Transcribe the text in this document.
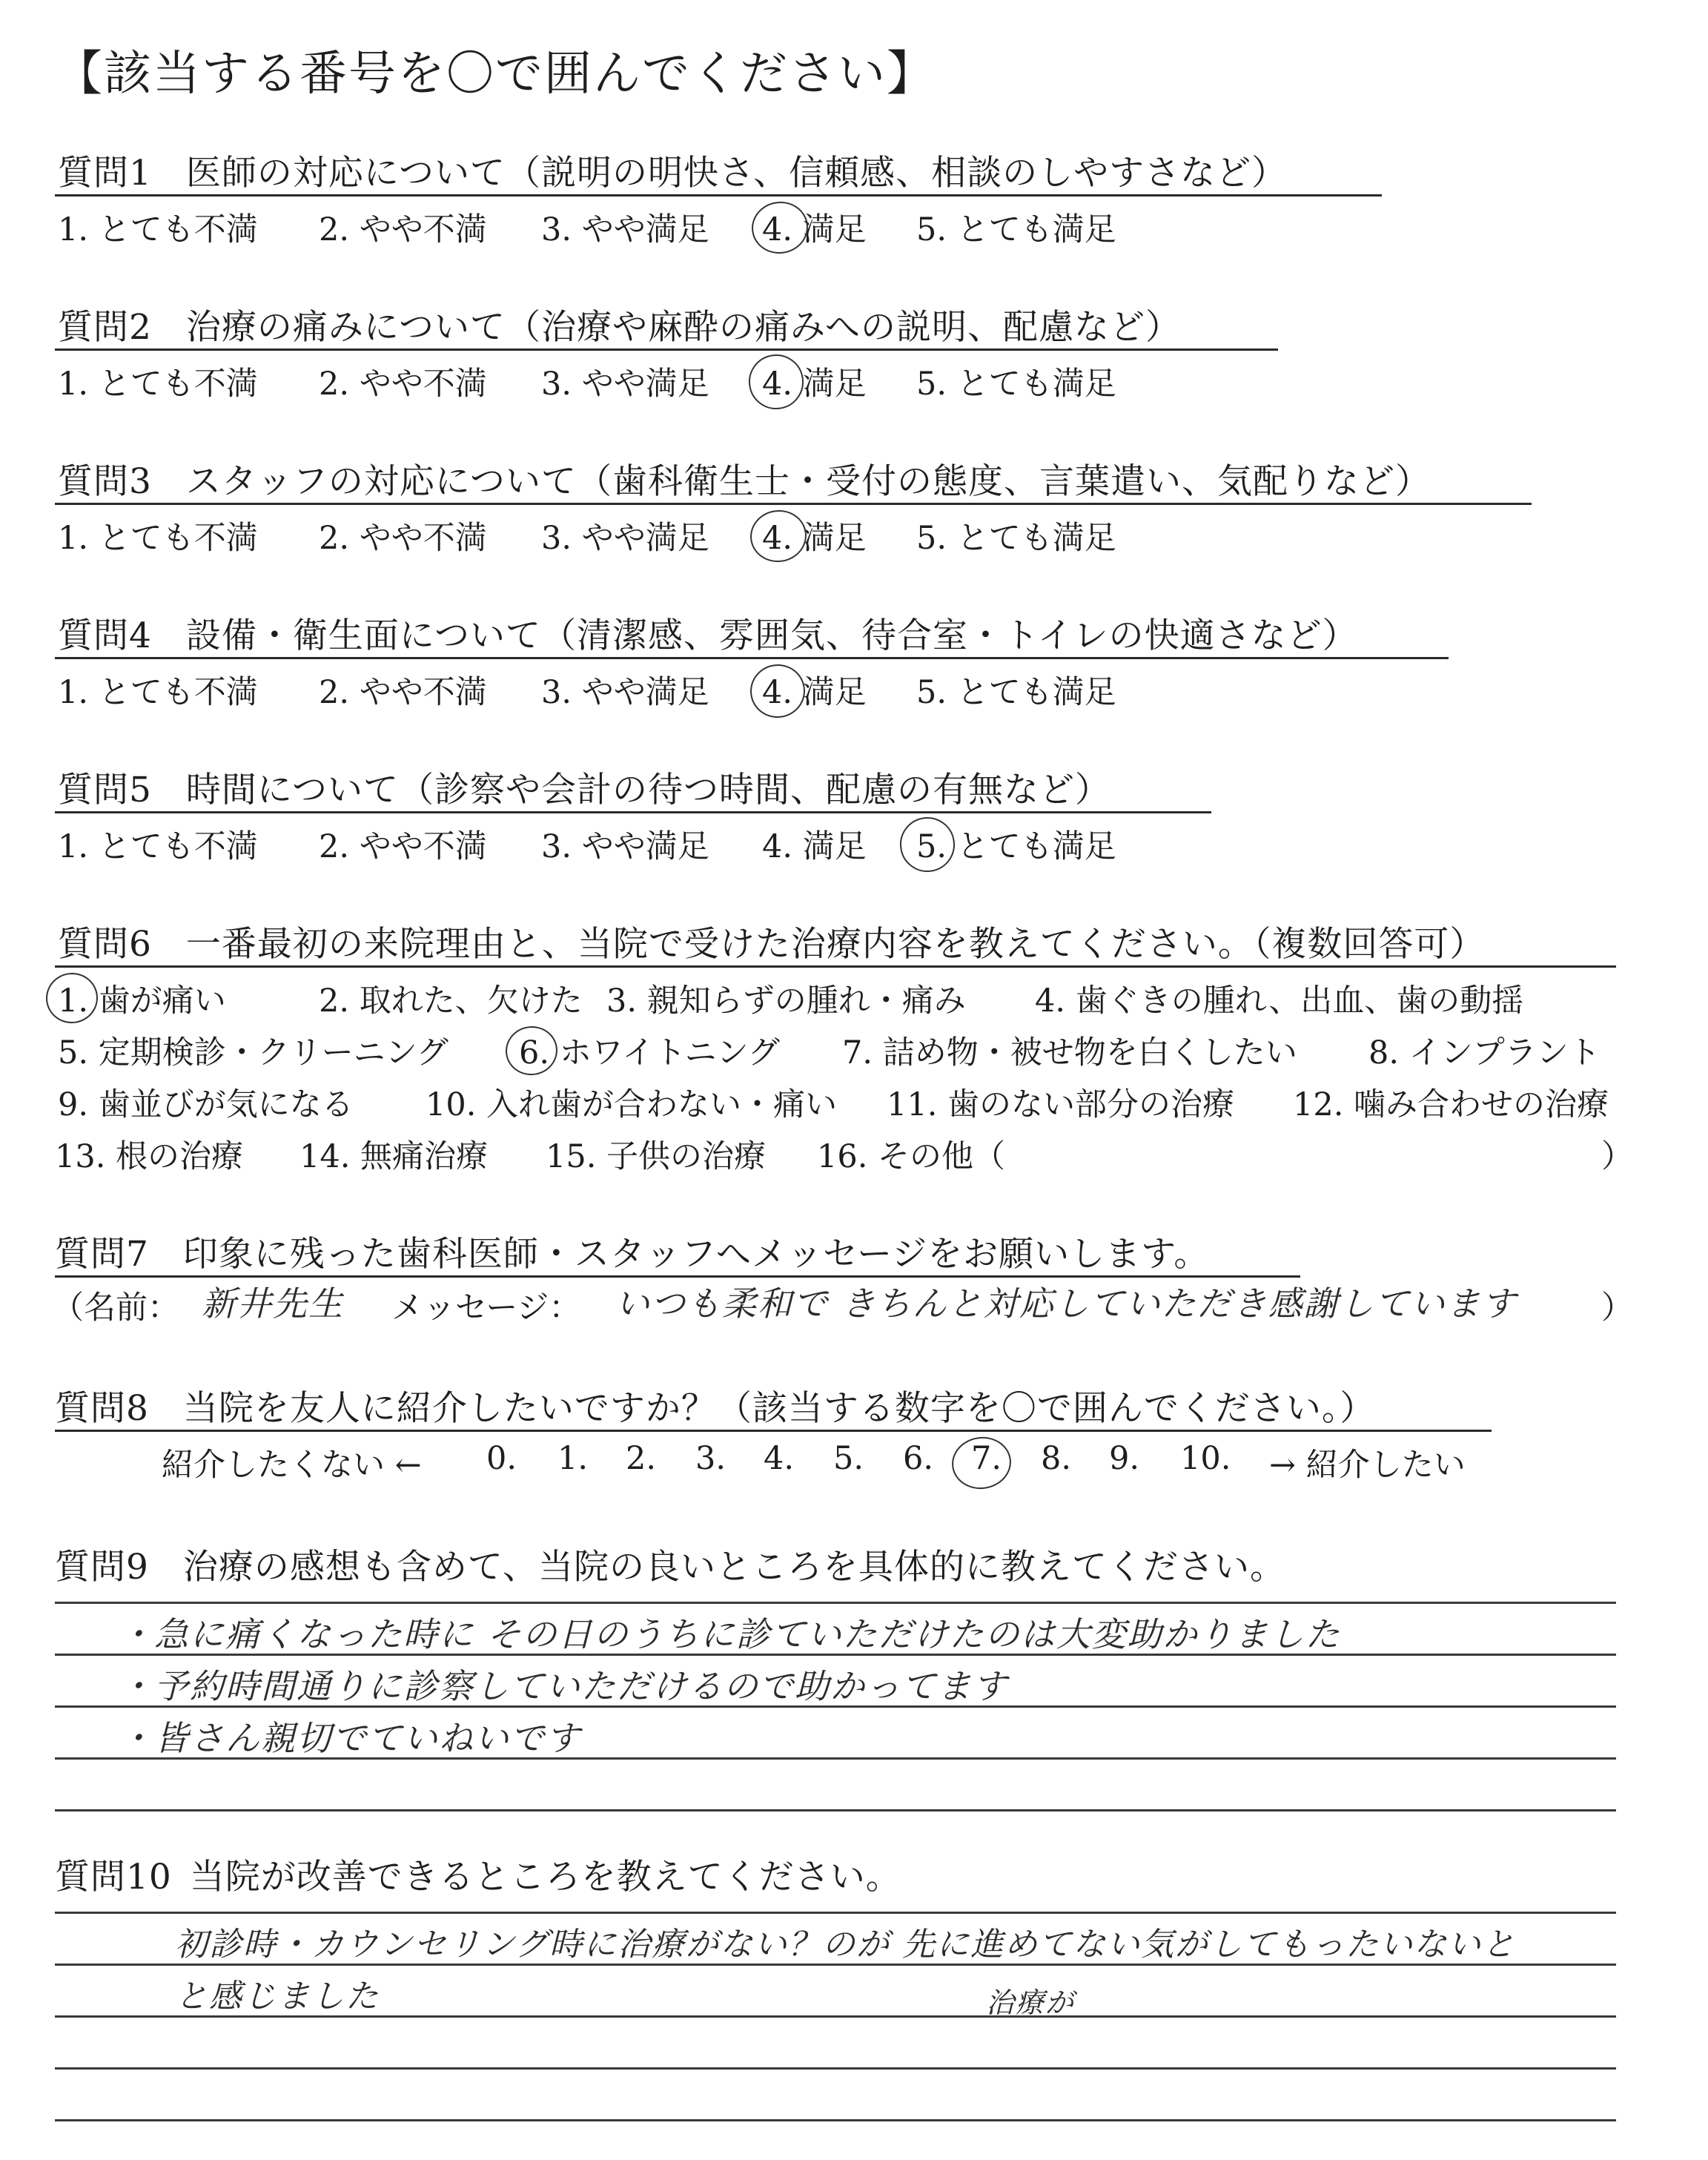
【該当する番号を〇で囲んでください】
質問1 医師の対応について（説明の明快さ、信頼感、相談のしやすさなど）
1. とても不満 2. やや不満 3. やや満足 4. 満足 5. とても満足
質問2 治療の痛みについて（治療や麻酔の痛みへの説明、配慮など）
1. とても不満 2. やや不満 3. やや満足 4. 満足 5. とても満足
質問3 スタッフの対応について（歯科衛生士・受付の態度、言葉遣い、気配りなど）
1. とても不満 2. やや不満 3. やや満足 4. 満足 5. とても満足
質問4 設備・衛生面について（清潔感、雰囲気、待合室・トイレの快適さなど）
1. とても不満 2. やや不満 3. やや満足 4. 満足 5. とても満足
質問5 時間について（診察や会計の待つ時間、配慮の有無など）
1. とても不満 2. やや不満 3. やや満足 4. 満足 5. とても満足
質問6 一番最初の来院理由と、当院で受けた治療内容を教えてください。（複数回答可）
1. 歯が痛い	2. 取れた、欠けた 3. 親知らずの腫れ・痛み 4. 歯ぐきの腫れ、出血、歯の動揺
5. 定期検診・クリーニング 6. ホワイトニング 7. 詰め物・被せ物を白くしたい 8. インプラント
9. 歯並びが気になる 10. 入れ歯が合わない・痛い 11. 歯のない部分の治療 12. 噛み合わせの治療
13. 根の治療 14. 無痛治療 15. 子供の治療 16. その他（	）
質問7 印象に残った歯科医師・スタッフへメッセージをお願いします。
（名前： 新井先生 メッセージ： いつも柔和で きちんと対応していただき感謝しています	）
質問8 当院を友人に紹介したいですか？（該当する数字を〇で囲んでください。）
紹介したくない ← 0. 1. 2. 3. 4. 5. 6. 7. 8. 9. 10. → 紹介したい
質問9 治療の感想も含めて、当院の良いところを具体的に教えてください。
・急に痛くなった時に その日のうちに診ていただけたのは大変助かりました
・予約時間通りに診察していただけるので助かってます
・皆さん親切でていねいです
質問10 当院が改善できるところを教えてください。
初診時・カウンセリング時に治療がない？のが 先に進めてない気がしてもったいないと
と感じました	治療が
